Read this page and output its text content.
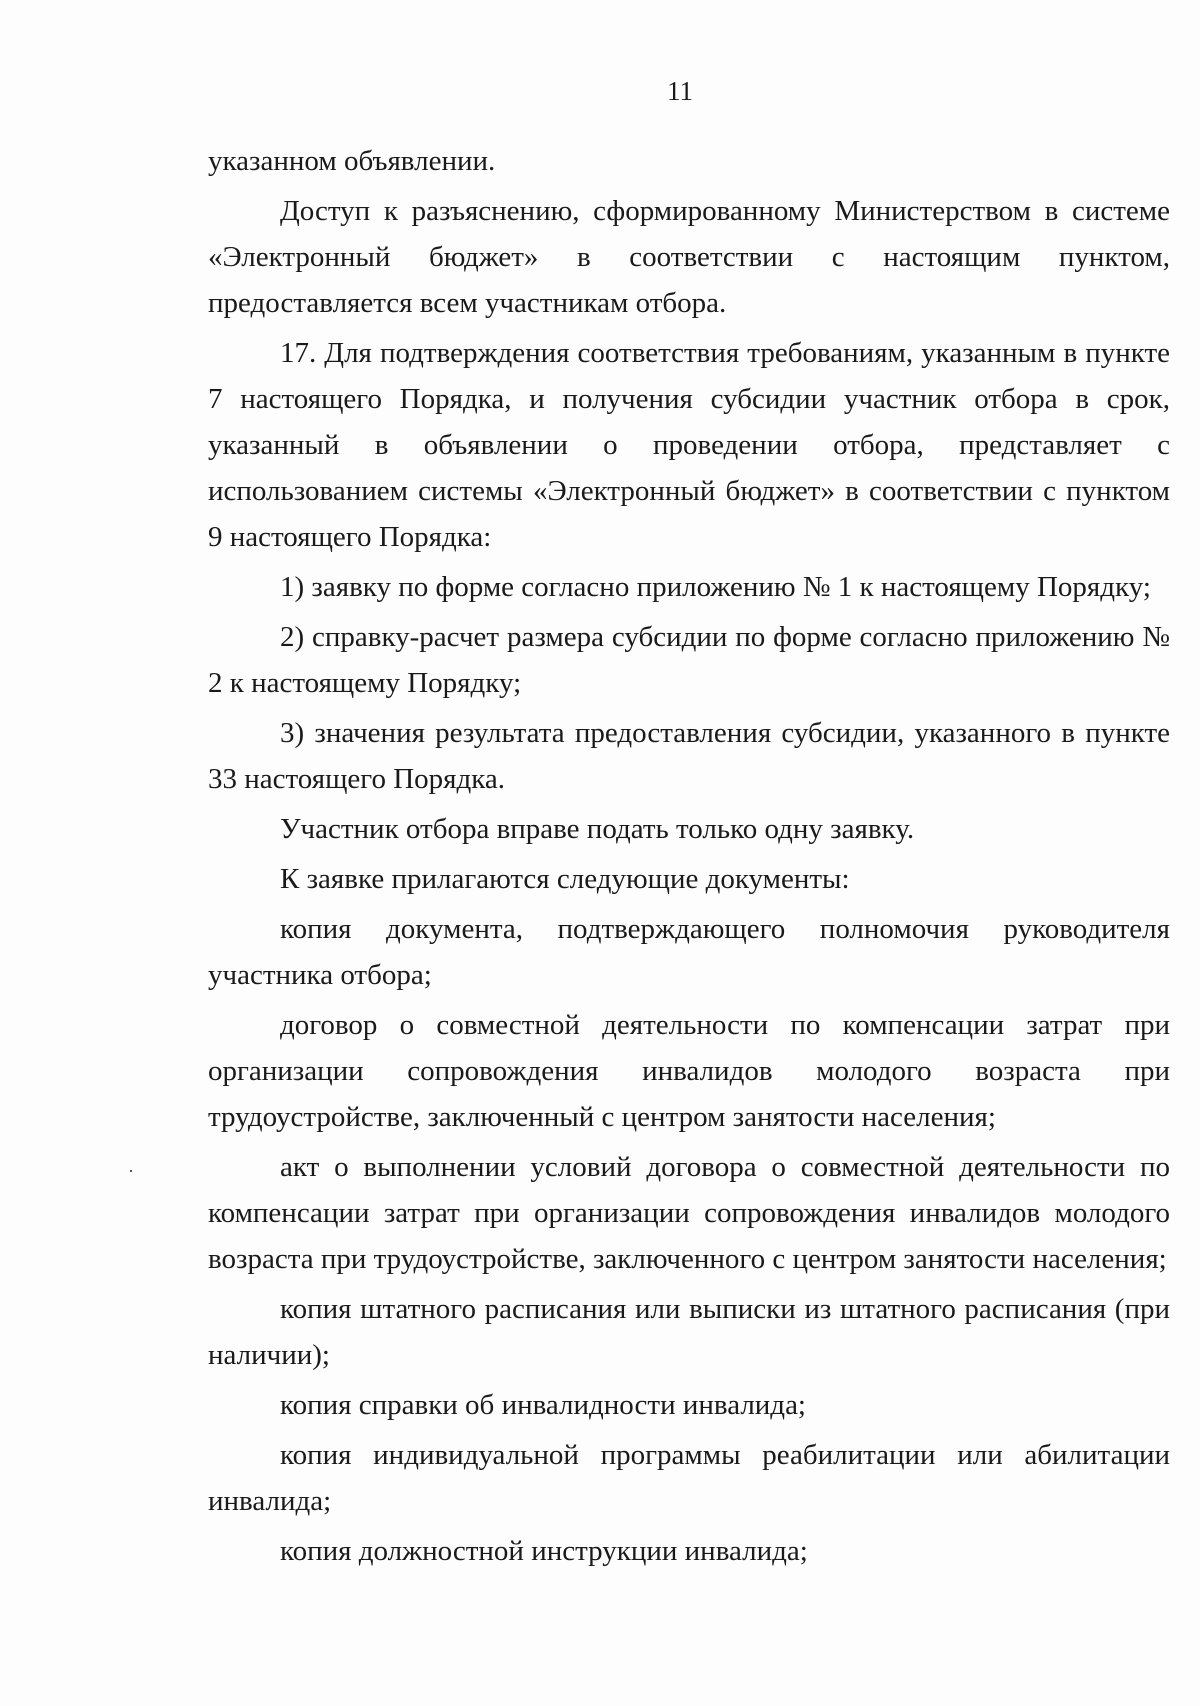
11

указанном объявлении.

Доступ к разъяснению, сформированному Министерством в системе «Электронный бюджет» в соответствии с настоящим пунктом, предоставляется всем участникам отбора.

17. Для подтверждения соответствия требованиям, указанным в пункте 7 настоящего Порядка, и получения субсидии участник отбора в срок, указанный в объявлении о проведении отбора, представляет с использованием системы «Электронный бюджет» в соответствии с пунктом 9 настоящего Порядка:

1) заявку по форме согласно приложению № 1 к настоящему Порядку;

2) справку-расчет размера субсидии по форме согласно приложению № 2 к настоящему Порядку;

3) значения результата предоставления субсидии, указанного в пункте 33 настоящего Порядка.

Участник отбора вправе подать только одну заявку.

К заявке прилагаются следующие документы:

копия документа, подтверждающего полномочия руководителя участника отбора;

договор о совместной деятельности по компенсации затрат при организации сопровождения инвалидов молодого возраста при трудоустройстве, заключенный с центром занятости населения;

акт о выполнении условий договора о совместной деятельности по компенсации затрат при организации сопровождения инвалидов молодого возраста при трудоустройстве, заключенного с центром занятости населения;

копия штатного расписания или выписки из штатного расписания (при наличии);

копия справки об инвалидности инвалида;

копия индивидуальной программы реабилитации или абилитации инвалида;

копия должностной инструкции инвалида;
